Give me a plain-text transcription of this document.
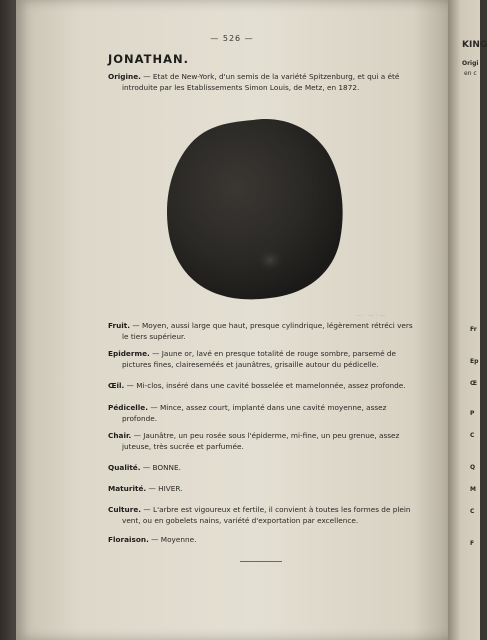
— 526 —
JONATHAN.
Origine. — Etat de New-York, d'un semis de la variété Spitzenburg, et qui a été
introduite par les Etablissements Simon Louis, de Metz, en 1872.
— · — · —
Fruit. — Moyen, aussi large que haut, presque cylindrique, légèrement rétréci vers
le tiers supérieur.
Epiderme. — Jaune or, lavé en presque totalité de rouge sombre, parsemé de
pictures fines, claireseméés et jaunâtres, grisaille autour du pédicelle.
Œil. — Mi-clos, inséré dans une cavité bosselée et mamelonnée, assez profonde.
Pédicelle. — Mince, assez court, implanté dans une cavité moyenne, assez
profonde.
Chair. — Jaunâtre, un peu rosée sous l'épiderme, mi-fine, un peu grenue, assez
juteuse, très sucrée et parfumée.
Qualité. — BONNE.
Maturité. — HIVER.
Culture. — L'arbre est vigoureux et fertile, il convient à toutes les formes de plein
vent, ou en gobelets nains, variété d'exportation par excellence.
Floraison. — Moyenne.
KING
Origi
en c
Fr
Ep
Œ
P
C
Q
M
C
F
